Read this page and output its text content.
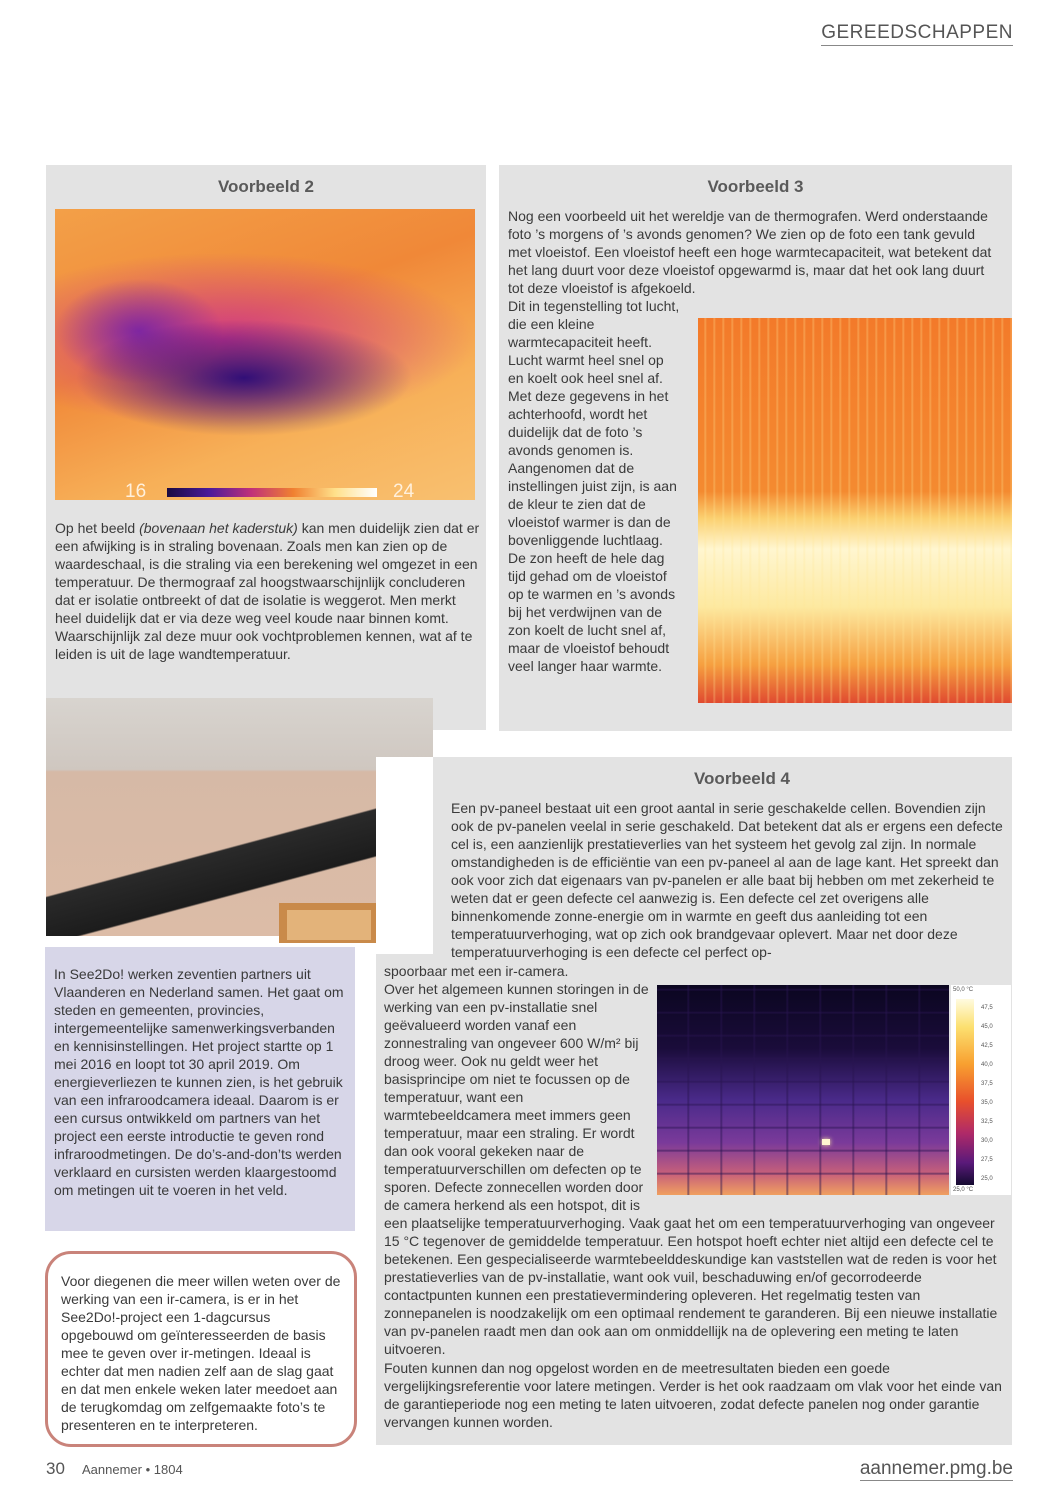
GEREEDSCHAPPEN
Voorbeeld 2
16	24

Op het beeld (bovenaan het kaderstuk) kan men duidelijk zien dat er een afwijking is in straling bovenaan. Zoals men kan zien op de waardeschaal, is die straling via een berekening wel omgezet in een temperatuur. De thermograaf zal hoogstwaarschijnlijk concluderen dat er isolatie ontbreekt of dat de isolatie is weggerot. Men merkt heel duidelijk dat er via deze weg veel koude naar binnen komt. Waarschijnlijk zal deze muur ook vochtproblemen kennen, wat af te leiden is uit de lage wandtemperatuur.

Voorbeeld 3

Nog een voorbeeld uit het wereldje van de thermografen. Werd onderstaande foto ’s morgens of ’s avonds genomen? We zien op de foto een tank gevuld met vloeistof. Een vloeistof heeft een hoge warmtecapaciteit, wat betekent dat het lang duurt voor deze vloeistof opgewarmd is, maar dat het ook lang duurt tot deze vloeistof is afgekoeld.

Dit in tegenstelling tot lucht, die een kleine warmtecapaciteit heeft. Lucht warmt heel snel op en koelt ook heel snel af. Met deze gegevens in het achterhoofd, wordt het duidelijk dat de foto ’s avonds genomen is. Aangenomen dat de instellingen juist zijn, is aan de kleur te zien dat de vloeistof warmer is dan de bovenliggende luchtlaag. De zon heeft de hele dag tijd gehad om de vloeistof op te warmen en ’s avonds bij het verdwijnen van de zon koelt de lucht snel af, maar de vloeistof behoudt veel langer haar warmte.

Voorbeeld 4

Een pv-paneel bestaat uit een groot aantal in serie geschakelde cellen. Bovendien zijn ook de pv-panelen veelal in serie geschakeld. Dat betekent dat als er ergens een defecte cel is, een aanzienlijk prestatieverlies van het systeem het gevolg zal zijn. In normale omstandigheden is de efficiëntie van een pv-paneel al aan de lage kant. Het spreekt dan ook voor zich dat eigenaars van pv-panelen er alle baat bij hebben om met zekerheid te weten dat er geen defecte cel aanwezig is. Een defecte cel zet overigens alle binnenkomende zonne-energie om in warmte en geeft dus aanleiding tot een temperatuurverhoging, wat op zich ook brandgevaar oplevert. Maar net door deze temperatuurverhoging is een defecte cel perfect op-

spoorbaar met een ir-camera.

Over het algemeen kunnen storingen in de werking van een pv-installatie snel geëvalueerd worden vanaf een zonnestraling van ongeveer 600 W/m² bij droog weer. Ook nu geldt weer het basisprincipe om niet te focussen op de temperatuur, want een warmtebeeldcamera meet immers geen temperatuur, maar een straling. Er wordt dan ook vooral gekeken naar de temperatuurverschillen om defecten op te sporen. Defecte zonnecellen worden door de camera herkend als een hotspot, dit is

50,0 °C
47,5
45,0
42,5
40,0
37,5
35,0
32,5
30,0
27,5
25,0
25,0 °C

een plaatselijke temperatuurverhoging. Vaak gaat het om een temperatuurverhoging van ongeveer 15 °C tegenover de gemiddelde temperatuur. Een hotspot hoeft echter niet altijd een defecte cel te betekenen. Een gespecialiseerde warmtebeelddeskundige kan vaststellen wat de reden is voor het prestatieverlies van de pv-installatie, want ook vuil, beschaduwing en/of gecorrodeerde contactpunten kunnen een prestatievermindering opleveren. Het regelmatig testen van zonnepanelen is noodzakelijk om een optimaal rendement te garanderen. Bij een nieuwe installatie van pv-panelen raadt men dan ook aan om onmiddellijk na de oplevering een meting te laten uitvoeren.

Fouten kunnen dan nog opgelost worden en de meetresultaten bieden een goede vergelijkingsreferentie voor latere metingen. Verder is het ook raadzaam om vlak voor het einde van de garantieperiode nog een meting te laten uitvoeren, zodat defecte panelen nog onder garantie vervangen kunnen worden.

In See2Do! werken zeventien partners uit Vlaanderen en Nederland samen. Het gaat om steden en gemeenten, provincies, intergemeentelijke samenwerkingsverbanden en kennisinstellingen. Het project startte op 1 mei 2016 en loopt tot 30 april 2019. Om energieverliezen te kunnen zien, is het gebruik van een infraroodcamera ideaal. Daarom is er een cursus ontwikkeld om partners van het project een eerste introductie te geven rond infraroodmetingen. De do’s-and-don’ts werden verklaard en cursisten werden klaargestoomd om metingen uit te voeren in het veld.

Voor diegenen die meer willen weten over de werking van een ir-camera, is er in het See2Do!-project een 1-dagcursus opgebouwd om geïnteresseerden de basis mee te geven over ir-metingen. Ideaal is echter dat men nadien zelf aan de slag gaat en dat men enkele weken later meedoet aan de terugkomdag om zelfgemaakte foto’s te presenteren en te interpreteren.

30 Aannemer • 1804	aannemer.pmg.be
